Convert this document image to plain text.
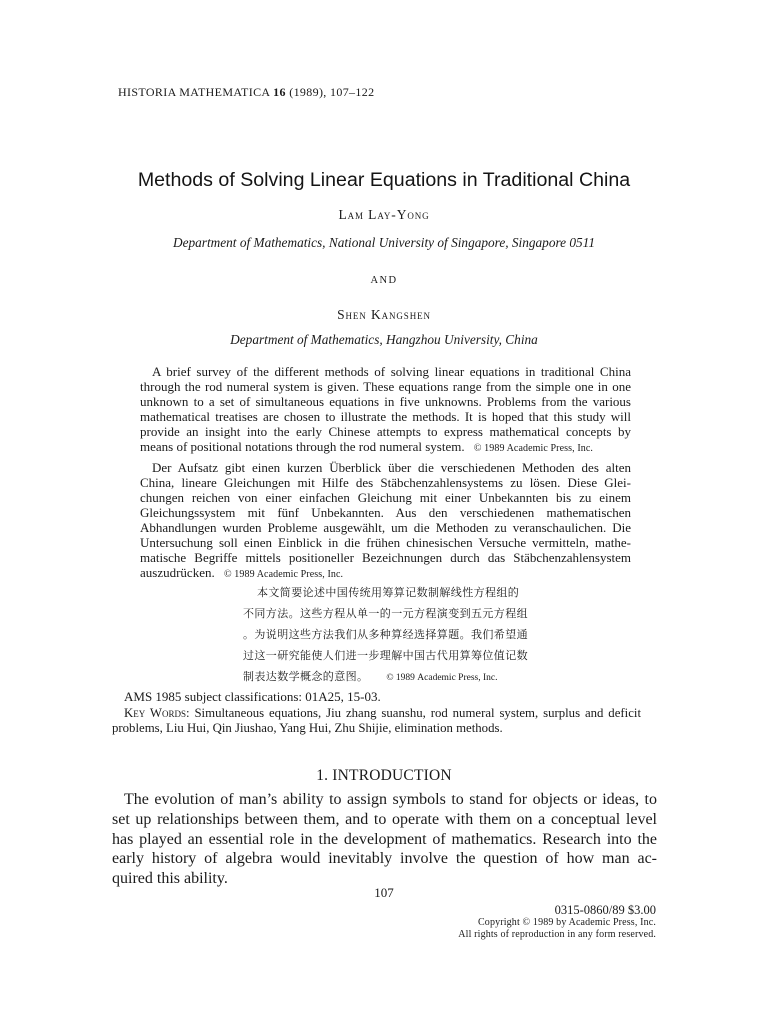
HISTORIA MATHEMATICA 16 (1989), 107–122
Methods of Solving Linear Equations in Traditional China
Lam Lay-Yong
Department of Mathematics, National University of Singapore, Singapore 0511
AND
Shen Kangshen
Department of Mathematics, Hangzhou University, China
A brief survey of the different methods of solving linear equations in traditional China
through the rod numeral system is given. These equations range from the simple one in one
unknown to a set of simultaneous equations in five unknowns. Problems from the various
mathematical treatises are chosen to illustrate the methods. It is hoped that this study will
provide an insight into the early Chinese attempts to express mathematical concepts by
means of positional notations through the rod numeral system. © 1989 Academic Press, Inc.
Der Aufsatz gibt einen kurzen Überblick über die verschiedenen Methoden des alten
China, lineare Gleichungen mit Hilfe des Stäbchenzahlensystems zu lösen. Diese Glei-
chungen reichen von einer einfachen Gleichung mit einer Unbekannten bis zu einem
Gleichungssystem mit fünf Unbekannten. Aus den verschiedenen mathematischen
Abhandlungen wurden Probleme ausgewählt, um die Methoden zu veranschaulichen. Die
Untersuchung soll einen Einblick in die frühen chinesischen Versuche vermitteln, mathe-
matische Begriffe mittels positioneller Bezeichnungen durch das Stäbchenzahlensystem
auszudrücken. © 1989 Academic Press, Inc.
本文简要论述中国传统用筹算记数制解线性方程组的
不同方法。这些方程从单一的一元方程演变到五元方程组
。为说明这些方法我们从多种算经选择算题。我们希望通
过这一研究能使人们进一步理解中国古代用算筹位值记数
制表达数学概念的意图。 © 1989 Academic Press, Inc.
AMS 1985 subject classifications: 01A25, 15-03.
Key Words: Simultaneous equations, Jiu zhang suanshu, rod numeral system, surplus and deficit
problems, Liu Hui, Qin Jiushao, Yang Hui, Zhu Shijie, elimination methods.
1. INTRODUCTION
The evolution of man’s ability to assign symbols to stand for objects or ideas, to
set up relationships between them, and to operate with them on a conceptual level
has played an essential role in the development of mathematics. Research into the
early history of algebra would inevitably involve the question of how man ac-
quired this ability.
107
0315-0860/89 $3.00
Copyright © 1989 by Academic Press, Inc.
All rights of reproduction in any form reserved.
